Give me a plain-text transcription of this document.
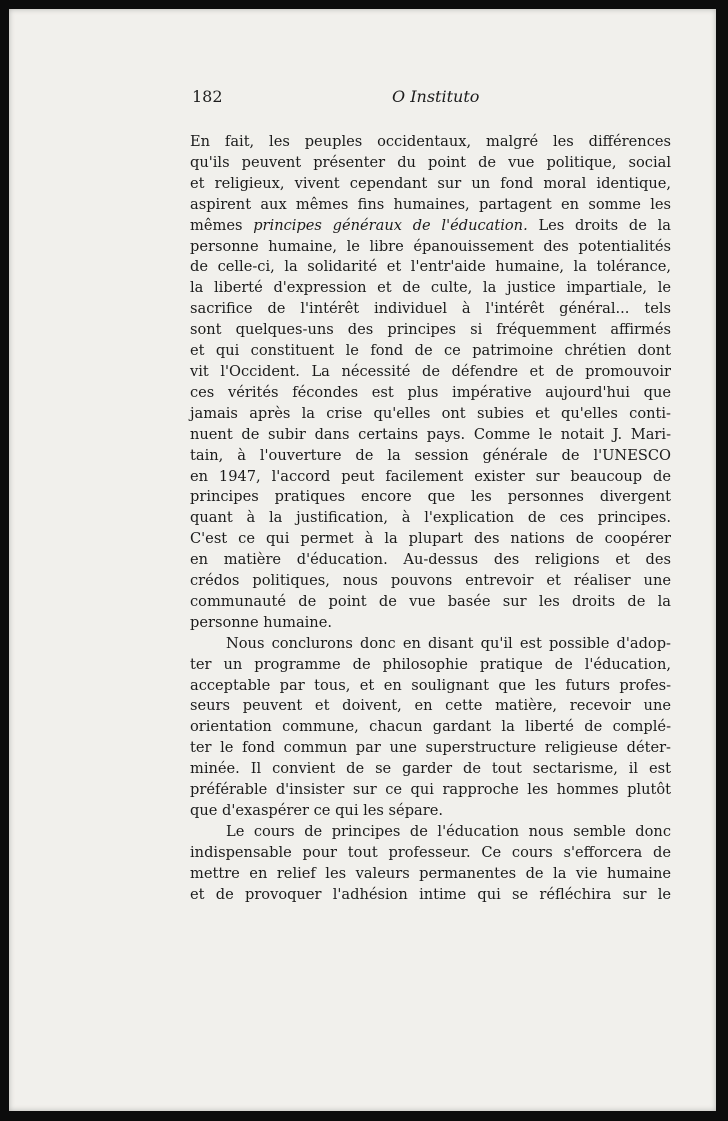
182	O Instituto

En fait, les peuples occidentaux, malgré les différences
qu'ils peuvent présenter du point de vue politique, social
et religieux, vivent cependant sur un fond moral identique,
aspirent aux mêmes fins humaines, partagent en somme les
mêmes principes généraux de l'éducation. Les droits de la
personne humaine, le libre épanouissement des potentialités
de celle-ci, la solidarité et l'entr'aide humaine, la tolérance,
la liberté d'expression et de culte, la justice impartiale, le
sacrifice de l'intérêt individuel à l'intérêt général... tels
sont quelques-uns des principes si fréquemment affirmés
et qui constituent le fond de ce patrimoine chrétien dont
vit l'Occident. La nécessité de défendre et de promouvoir
ces vérités fécondes est plus impérative aujourd'hui que
jamais après la crise qu'elles ont subies et qu'elles conti-
nuent de subir dans certains pays. Comme le notait J. Mari-
tain, à l'ouverture de la session générale de l'UNESCO
en 1947, l'accord peut facilement exister sur beaucoup de
principes pratiques encore que les personnes divergent
quant à la justification, à l'explication de ces principes.
C'est ce qui permet à la plupart des nations de coopérer
en matière d'éducation. Au-dessus des religions et des
crédos politiques, nous pouvons entrevoir et réaliser une
communauté de point de vue basée sur les droits de la
personne humaine.

Nous conclurons donc en disant qu'il est possible d'adop-
ter un programme de philosophie pratique de l'éducation,
acceptable par tous, et en soulignant que les futurs profes-
seurs peuvent et doivent, en cette matière, recevoir une
orientation commune, chacun gardant la liberté de complé-
ter le fond commun par une superstructure religieuse déter-
minée. Il convient de se garder de tout sectarisme, il est
préférable d'insister sur ce qui rapproche les hommes plutôt
que d'exaspérer ce qui les sépare.

Le cours de principes de l'éducation nous semble donc
indispensable pour tout professeur. Ce cours s'efforcera de
mettre en relief les valeurs permanentes de la vie humaine
et de provoquer l'adhésion intime qui se réfléchira sur le
